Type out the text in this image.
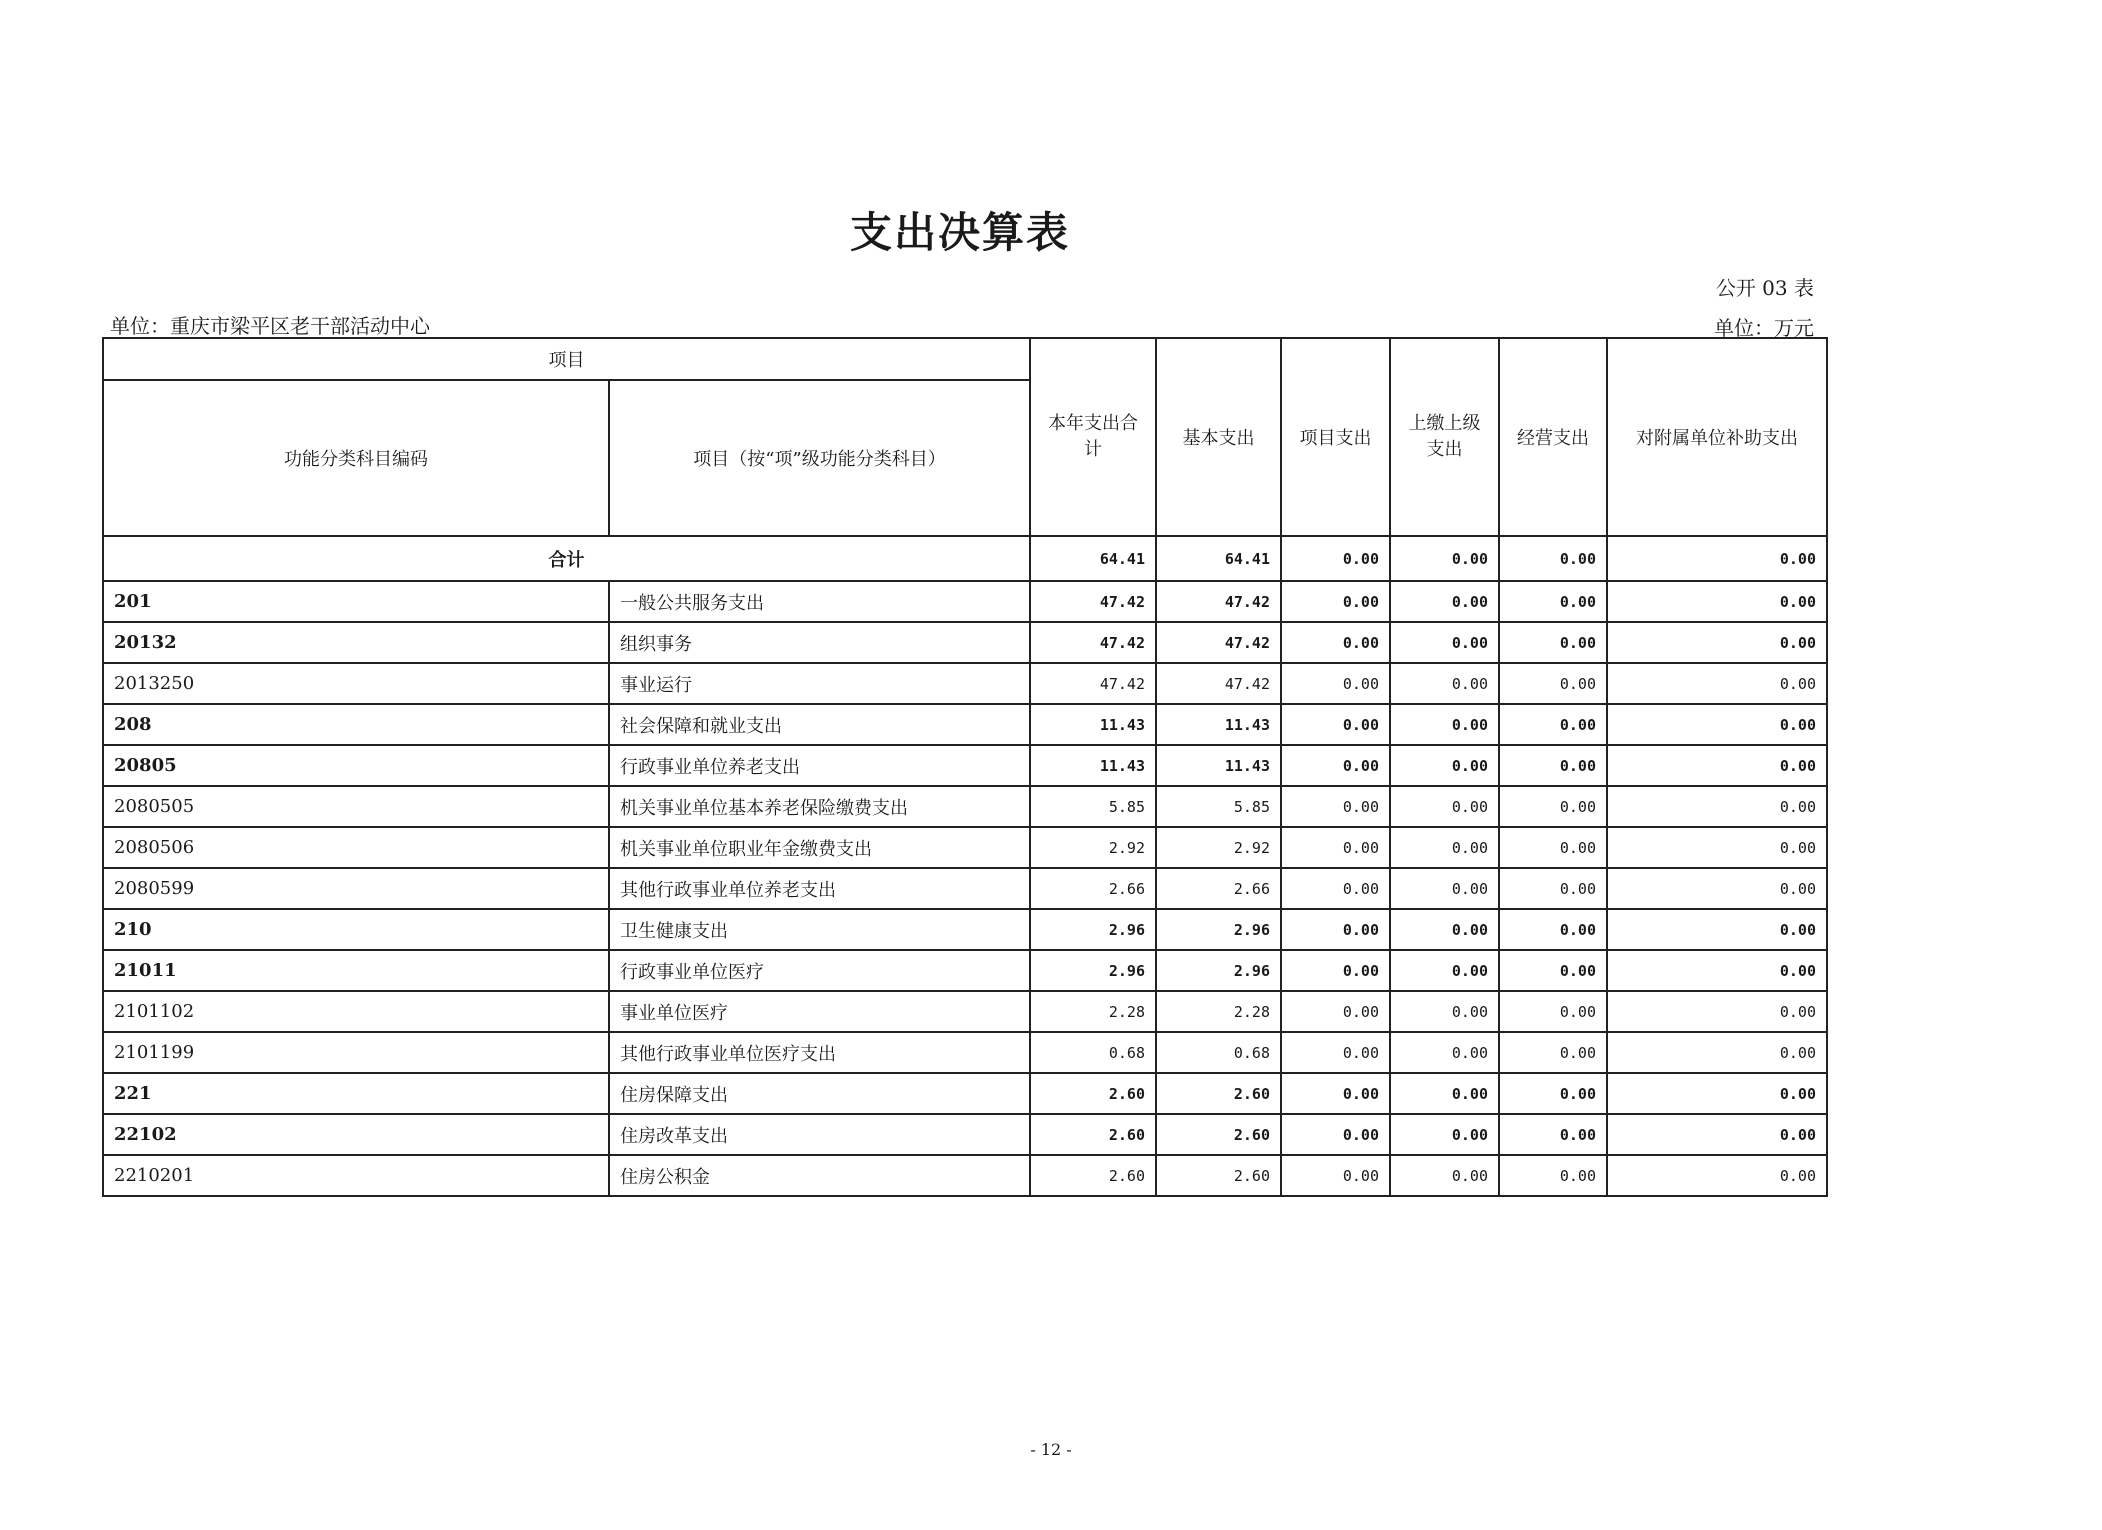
支出决算表
公开 03 表
单位：重庆市梁平区老干部活动中心	单位：万元
项目		本年支出合计	基本支出	项目支出	上缴上级支出	经营支出	对附属单位补助支出
功能分类科目编码	项目（按“项”级功能分类科目）						
合计		64.41	64.41	0.00	0.00	0.00	0.00
201	一般公共服务支出	47.42	47.42	0.00	0.00	0.00	0.00
20132	组织事务	47.42	47.42	0.00	0.00	0.00	0.00
2013250	事业运行	47.42	47.42	0.00	0.00	0.00	0.00
208	社会保障和就业支出	11.43	11.43	0.00	0.00	0.00	0.00
20805	行政事业单位养老支出	11.43	11.43	0.00	0.00	0.00	0.00
2080505	机关事业单位基本养老保险缴费支出	5.85	5.85	0.00	0.00	0.00	0.00
2080506	机关事业单位职业年金缴费支出	2.92	2.92	0.00	0.00	0.00	0.00
2080599	其他行政事业单位养老支出	2.66	2.66	0.00	0.00	0.00	0.00
210	卫生健康支出	2.96	2.96	0.00	0.00	0.00	0.00
21011	行政事业单位医疗	2.96	2.96	0.00	0.00	0.00	0.00
2101102	事业单位医疗	2.28	2.28	0.00	0.00	0.00	0.00
2101199	其他行政事业单位医疗支出	0.68	0.68	0.00	0.00	0.00	0.00
221	住房保障支出	2.60	2.60	0.00	0.00	0.00	0.00
22102	住房改革支出	2.60	2.60	0.00	0.00	0.00	0.00
2210201	住房公积金	2.60	2.60	0.00	0.00	0.00	0.00
- 12 -
